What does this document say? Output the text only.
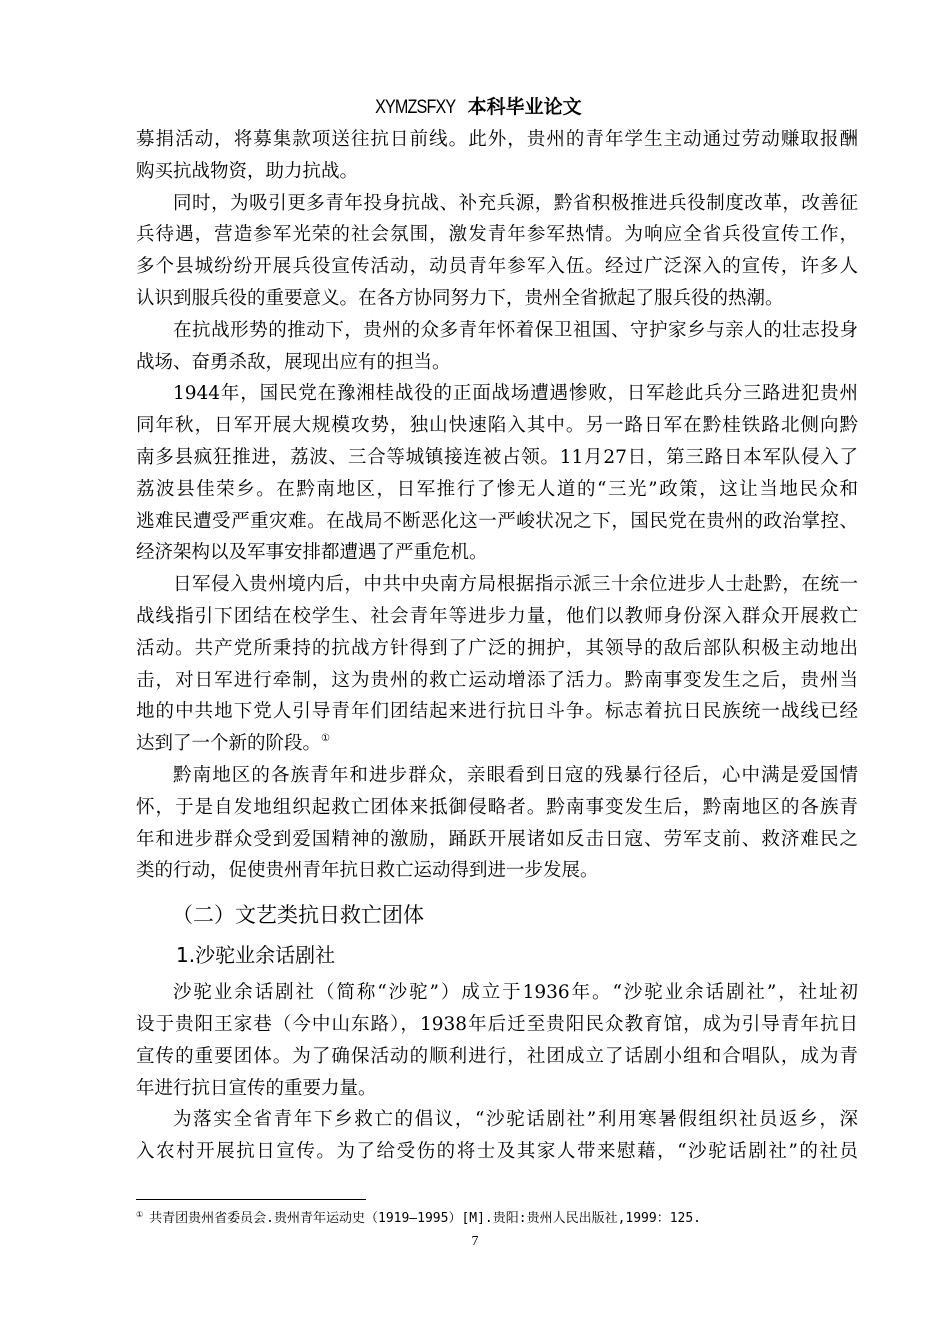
XYMZSFXY 本科毕业论文
募捐活动，将募集款项送往抗日前线。此外，贵州的青年学生主动通过劳动赚取报酬
购买抗战物资，助力抗战。
同时，为吸引更多青年投身抗战、补充兵源，黔省积极推进兵役制度改革，改善征
兵待遇，营造参军光荣的社会氛围，激发青年参军热情。为响应全省兵役宣传工作，
多个县城纷纷开展兵役宣传活动，动员青年参军入伍。经过广泛深入的宣传，许多人
认识到服兵役的重要意义。在各方协同努力下，贵州全省掀起了服兵役的热潮。
在抗战形势的推动下，贵州的众多青年怀着保卫祖国、守护家乡与亲人的壮志投身
战场、奋勇杀敌，展现出应有的担当。
1944年，国民党在豫湘桂战役的正面战场遭遇惨败，日军趁此兵分三路进犯贵州
同年秋，日军开展大规模攻势，独山快速陷入其中。另一路日军在黔桂铁路北侧向黔
南多县疯狂推进，荔波、三合等城镇接连被占领。11月27日，第三路日本军队侵入了
荔波县佳荣乡。在黔南地区，日军推行了惨无人道的“三光”政策，这让当地民众和
逃难民遭受严重灾难。在战局不断恶化这一严峻状况之下，国民党在贵州的政治掌控、
经济架构以及军事安排都遭遇了严重危机。
日军侵入贵州境内后，中共中央南方局根据指示派三十余位进步人士赴黔，在统一
战线指引下团结在校学生、社会青年等进步力量，他们以教师身份深入群众开展救亡
活动。共产党所秉持的抗战方针得到了广泛的拥护，其领导的敌后部队积极主动地出
击，对日军进行牵制，这为贵州的救亡运动增添了活力。黔南事变发生之后，贵州当
地的中共地下党人引导青年们团结起来进行抗日斗争。标志着抗日民族统一战线已经
达到了一个新的阶段。①
黔南地区的各族青年和进步群众，亲眼看到日寇的残暴行径后，心中满是爱国情
怀，于是自发地组织起救亡团体来抵御侵略者。黔南事变发生后，黔南地区的各族青
年和进步群众受到爱国精神的激励，踊跃开展诸如反击日寇、劳军支前、救济难民之
类的行动，促使贵州青年抗日救亡运动得到进一步发展。
（二）文艺类抗日救亡团体
1.沙驼业余话剧社
沙驼业余话剧社（简称“沙驼”）成立于1936年。“沙驼业余话剧社”，社址初
设于贵阳王家巷（今中山东路），1938年后迁至贵阳民众教育馆，成为引导青年抗日
宣传的重要团体。为了确保活动的顺利进行，社团成立了话剧小组和合唱队，成为青
年进行抗日宣传的重要力量。
为落实全省青年下乡救亡的倡议，“沙驼话剧社”利用寒暑假组织社员返乡，深
入农村开展抗日宣传。为了给受伤的将士及其家人带来慰藉，“沙驼话剧社”的社员
① 共青团贵州省委员会.贵州青年运动史（1919—1995）[M].贵阳:贵州人民出版社,1999：125.
7
